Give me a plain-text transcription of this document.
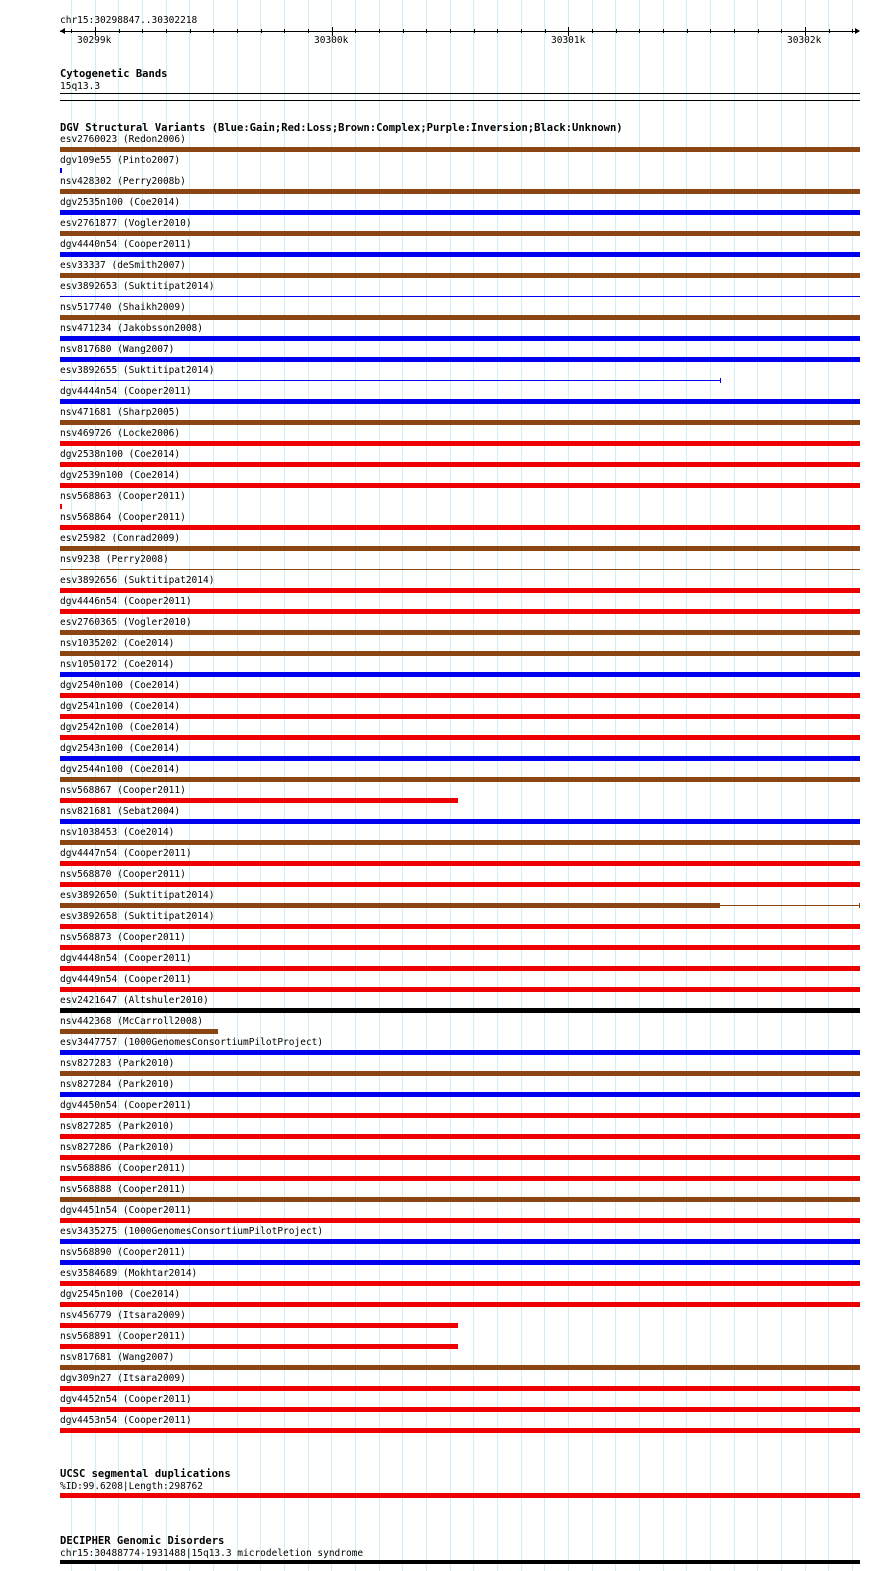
chr15:30298847..30302218
30299k	30300k	30301k	30302k
Cytogenetic Bands
15q13.3
DGV Structural Variants (Blue:Gain;Red:Loss;Brown:Complex;Purple:Inversion;Black:Unknown)
esv2760023 (Redon2006)
dgv109e55 (Pinto2007)
nsv428302 (Perry2008b)
dgv2535n100 (Coe2014)
esv2761877 (Vogler2010)
dgv4440n54 (Cooper2011)
esv33337 (deSmith2007)
esv3892653 (Suktitipat2014)
nsv517740 (Shaikh2009)
nsv471234 (Jakobsson2008)
nsv817680 (Wang2007)
esv3892655 (Suktitipat2014)
dgv4444n54 (Cooper2011)
nsv471681 (Sharp2005)
nsv469726 (Locke2006)
dgv2538n100 (Coe2014)
dgv2539n100 (Coe2014)
nsv568863 (Cooper2011)
nsv568864 (Cooper2011)
esv25982 (Conrad2009)
nsv9238 (Perry2008)
esv3892656 (Suktitipat2014)
dgv4446n54 (Cooper2011)
esv2760365 (Vogler2010)
nsv1035202 (Coe2014)
nsv1050172 (Coe2014)
dgv2540n100 (Coe2014)
dgv2541n100 (Coe2014)
dgv2542n100 (Coe2014)
dgv2543n100 (Coe2014)
dgv2544n100 (Coe2014)
nsv568867 (Cooper2011)
nsv821681 (Sebat2004)
nsv1038453 (Coe2014)
dgv4447n54 (Cooper2011)
nsv568870 (Cooper2011)
esv3892650 (Suktitipat2014)
esv3892658 (Suktitipat2014)
nsv568873 (Cooper2011)
dgv4448n54 (Cooper2011)
dgv4449n54 (Cooper2011)
esv2421647 (Altshuler2010)
nsv442368 (McCarroll2008)
esv3447757 (1000GenomesConsortiumPilotProject)
nsv827283 (Park2010)
nsv827284 (Park2010)
dgv4450n54 (Cooper2011)
nsv827285 (Park2010)
nsv827286 (Park2010)
nsv568886 (Cooper2011)
nsv568888 (Cooper2011)
dgv4451n54 (Cooper2011)
esv3435275 (1000GenomesConsortiumPilotProject)
nsv568890 (Cooper2011)
esv3584689 (Mokhtar2014)
dgv2545n100 (Coe2014)
nsv456779 (Itsara2009)
nsv568891 (Cooper2011)
nsv817681 (Wang2007)
dgv309n27 (Itsara2009)
dgv4452n54 (Cooper2011)
dgv4453n54 (Cooper2011)
UCSC segmental duplications
%ID:99.6208|Length:298762
DECIPHER Genomic Disorders
chr15:30488774-1931488|15q13.3 microdeletion syndrome
